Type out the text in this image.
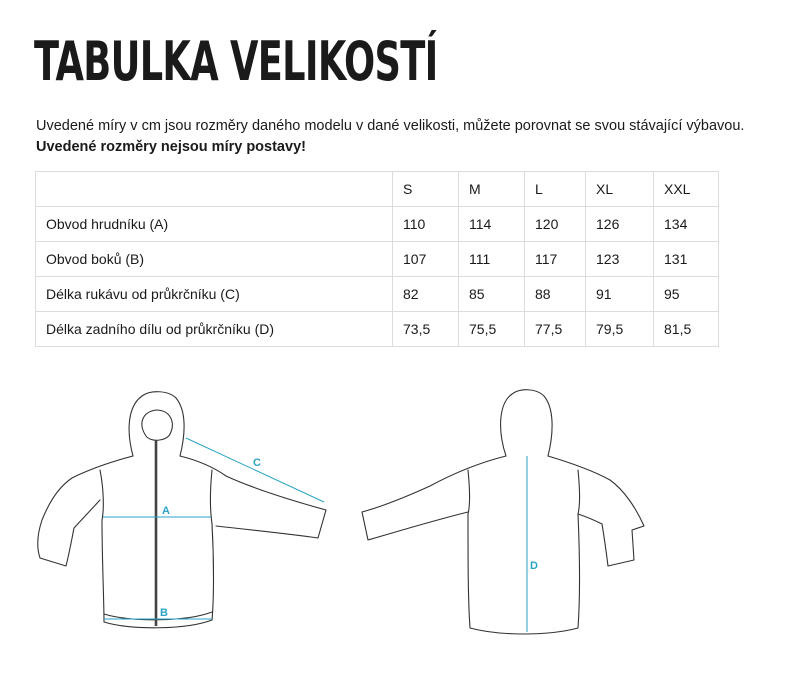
TABULKA VELIKOSTÍ
Uvedené míry v cm jsou rozměry daného modelu v dané velikosti, můžete porovnat se svou stávající výbavou.
Uvedené rozměry nejsou míry postavy!
	S	M	L	XL	XXL
Obvod hrudníku (A)	110	114	120	126	134
Obvod boků (B)	107	111	117	123	131
Délka rukávu od průkrčníku (C)	82	85	88	91	95
Délka zadního dílu od průkrčníku (D)	73,5	75,5	77,5	79,5	81,5
A
B
C
D
